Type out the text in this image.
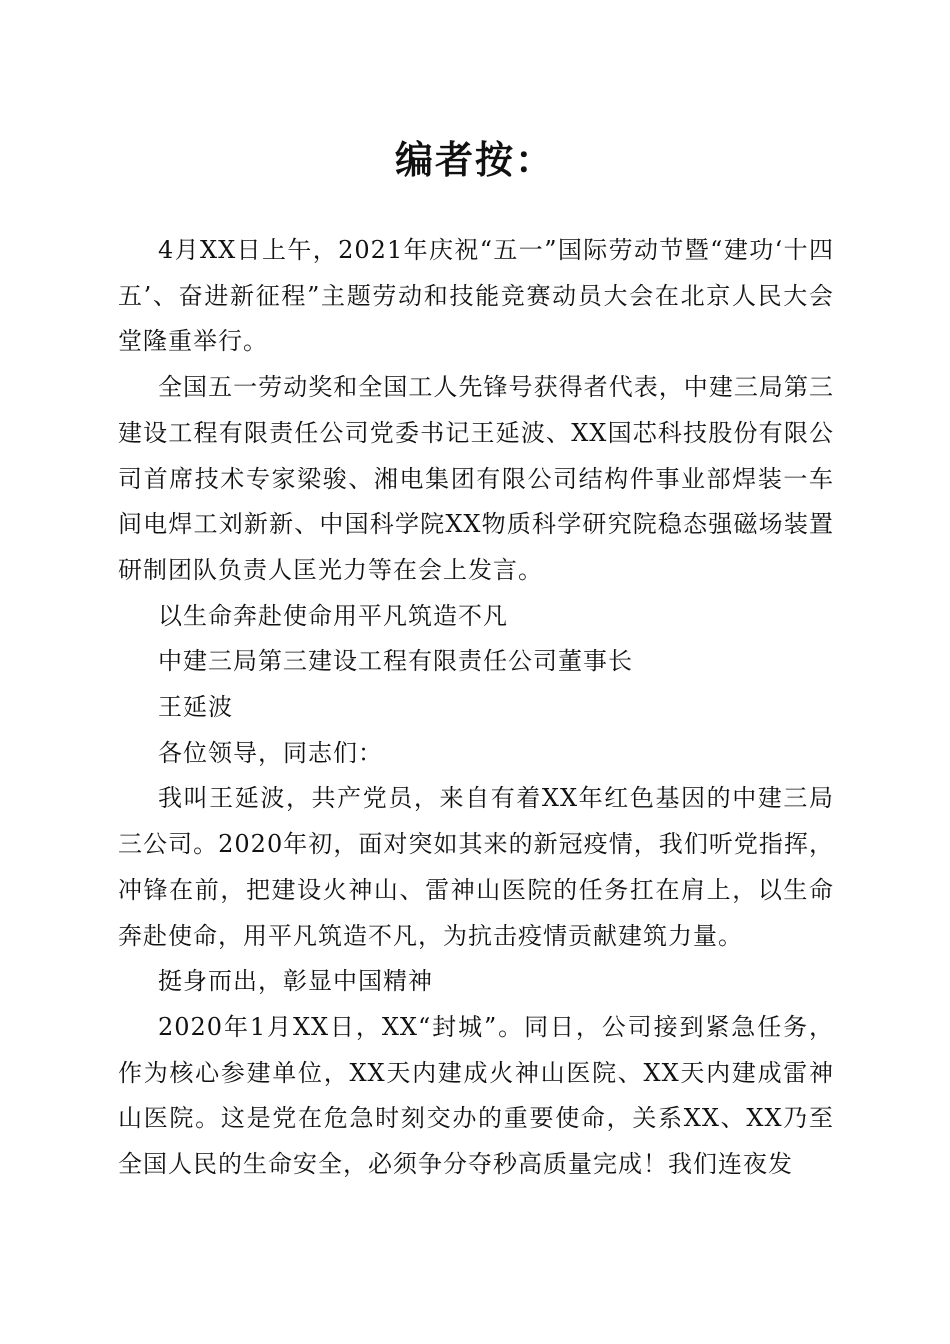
编者按：

4月XX日上午，2021年庆祝“五一”国际劳动节暨“建功‘十四五’、奋进新征程”主题劳动和技能竞赛动员大会在北京人民大会堂隆重举行。

全国五一劳动奖和全国工人先锋号获得者代表，中建三局第三建设工程有限责任公司党委书记王延波、XX国芯科技股份有限公司首席技术专家梁骏、湘电集团有限公司结构件事业部焊装一车间电焊工刘新新、中国科学院XX物质科学研究院稳态强磁场装置研制团队负责人匡光力等在会上发言。

以生命奔赴使命用平凡筑造不凡

中建三局第三建设工程有限责任公司董事长

王延波

各位领导，同志们：

我叫王延波，共产党员，来自有着XX年红色基因的中建三局三公司。2020年初，面对突如其来的新冠疫情，我们听党指挥，冲锋在前，把建设火神山、雷神山医院的任务扛在肩上，以生命奔赴使命，用平凡筑造不凡，为抗击疫情贡献建筑力量。

挺身而出，彰显中国精神

2020年1月XX日，XX“封城”。同日，公司接到紧急任务，作为核心参建单位，XX天内建成火神山医院、XX天内建成雷神山医院。这是党在危急时刻交办的重要使命，关系XX、XX乃至全国人民的生命安全，必须争分夺秒高质量完成！我们连夜发
